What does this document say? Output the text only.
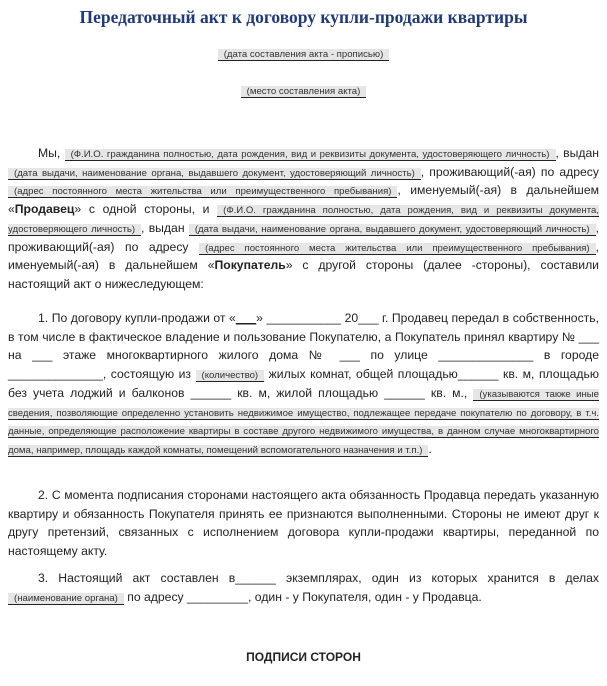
Передаточный акт к договору купли-продажи квартиры
(дата составления акта - прописью)
(место составления акта)

Мы, (Ф.И.О. гражданина полностью, дата рождения, вид и реквизиты документа, удостоверяющего личность) , выдан (дата выдачи, наименование органа, выдавшего документ, удостоверяющий личность) , проживающий(-ая) по адресу (адрес постоянного места жительства или преимущественного пребывания) , именуемый(-ая) в дальнейшем «Продавец» с одной стороны, и (Ф.И.О. гражданина полностью, дата рождения, вид и реквизиты документа, удостоверяющего личность) , выдан (дата выдачи, наименование органа, выдавшего документ, удостоверяющий личность) , проживающий(-ая) по адресу (адрес постоянного места жительства или преимущественного пребывания) , именуемый(-ая) в дальнейшем «Покупатель» с другой стороны (далее -стороны), составили настоящий акт о нижеследующем:

1. По договору купли-продажи от «___» ___________ 20___ г. Продавец передал в собственность, в том числе в фактическое владение и пользование Покупателю, а Покупатель принял квартиру № ___ на ___ этаже многоквартирного жилого дома № ___ по улице ______________ в городе ______________, состоящую из (количество) жилых комнат, общей площадью______ кв. м, площадью без учета лоджий и балконов ______ кв. м, жилой площадью ______ кв. м., (указываются также иные сведения, позволяющие определенно установить недвижимое имущество, подлежащее передаче покупателю по договору, в т.ч. данные, определяющие расположение квартиры в составе другого недвижимого имущества, в данном случае многоквартирного дома, например, площадь каждой комнаты, помещений вспомогательного назначения и т.п.) .

2. С момента подписания сторонами настоящего акта обязанность Продавца передать указанную квартиру и обязанность Покупателя принять ее признаются выполненными. Стороны не имеют друг к другу претензий, связанных с исполнением договора купли-продажи квартиры, переданной по настоящему акту.

3. Настоящий акт составлен в______ экземплярах, один из которых хранится в делах (наименование органа) по адресу _________, один - у Покупателя, один - у Продавца.

ПОДПИСИ СТОРОН
